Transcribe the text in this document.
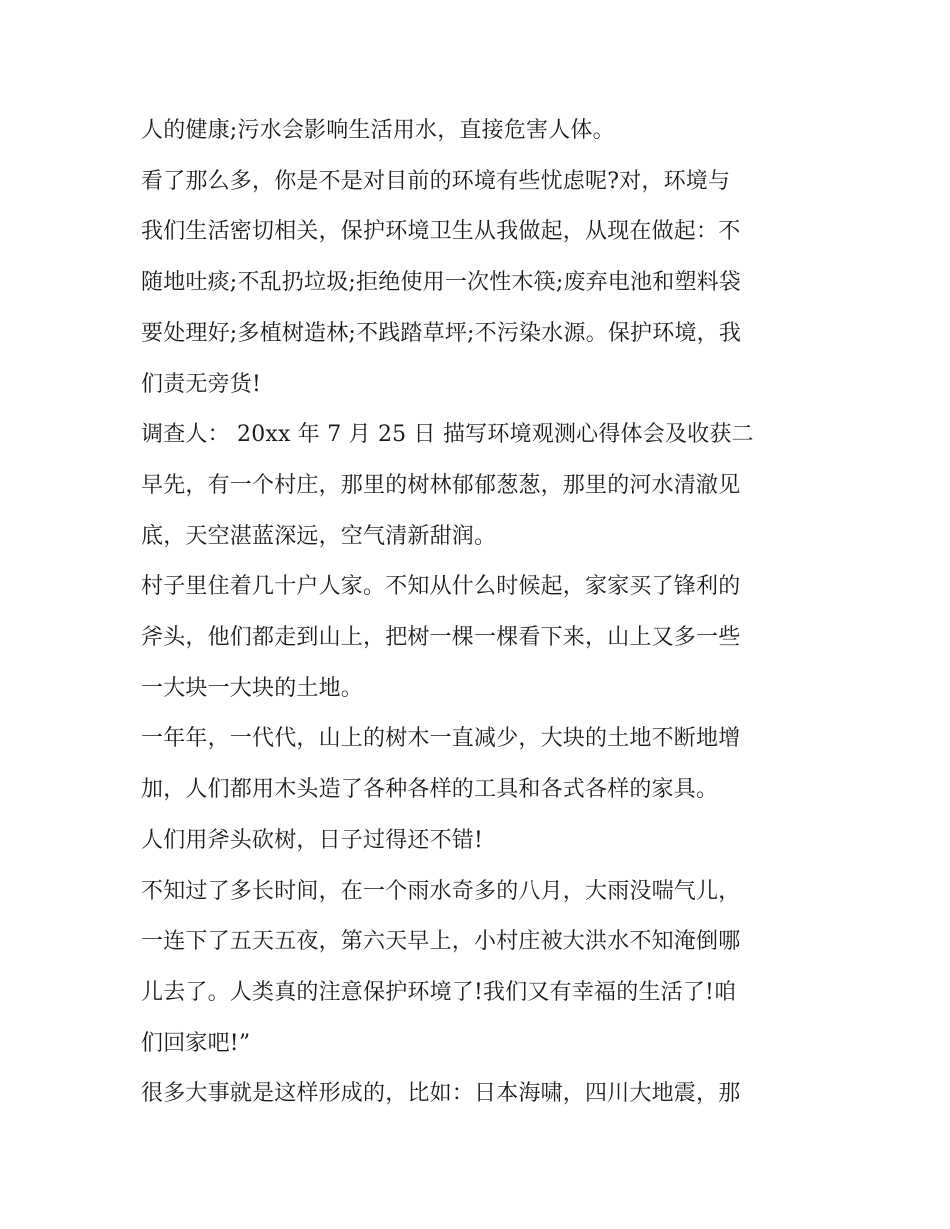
人的健康;污水会影响生活用水，直接危害人体。

看了那么多，你是不是对目前的环境有些忧虑呢?对，环境与

我们生活密切相关，保护环境卫生从我做起，从现在做起：不

随地吐痰;不乱扔垃圾;拒绝使用一次性木筷;废弃电池和塑料袋

要处理好;多植树造林;不践踏草坪;不污染水源。保护环境，我

们责无旁货!

调查人： 20xx 年 7 月 25 日 描写环境观测心得体会及收获二

早先，有一个村庄，那里的树林郁郁葱葱，那里的河水清澈见

底，天空湛蓝深远，空气清新甜润。

村子里住着几十户人家。不知从什么时候起，家家买了锋利的

斧头，他们都走到山上，把树一棵一棵看下来，山上又多一些

一大块一大块的土地。

一年年，一代代，山上的树木一直减少，大块的土地不断地增

加，人们都用木头造了各种各样的工具和各式各样的家具。

人们用斧头砍树，日子过得还不错!

不知过了多长时间，在一个雨水奇多的八月，大雨没喘气儿，

一连下了五天五夜，第六天早上，小村庄被大洪水不知淹倒哪

儿去了。人类真的注意保护环境了!我们又有幸福的生活了!咱

们回家吧!”

很多大事就是这样形成的，比如：日本海啸，四川大地震，那
